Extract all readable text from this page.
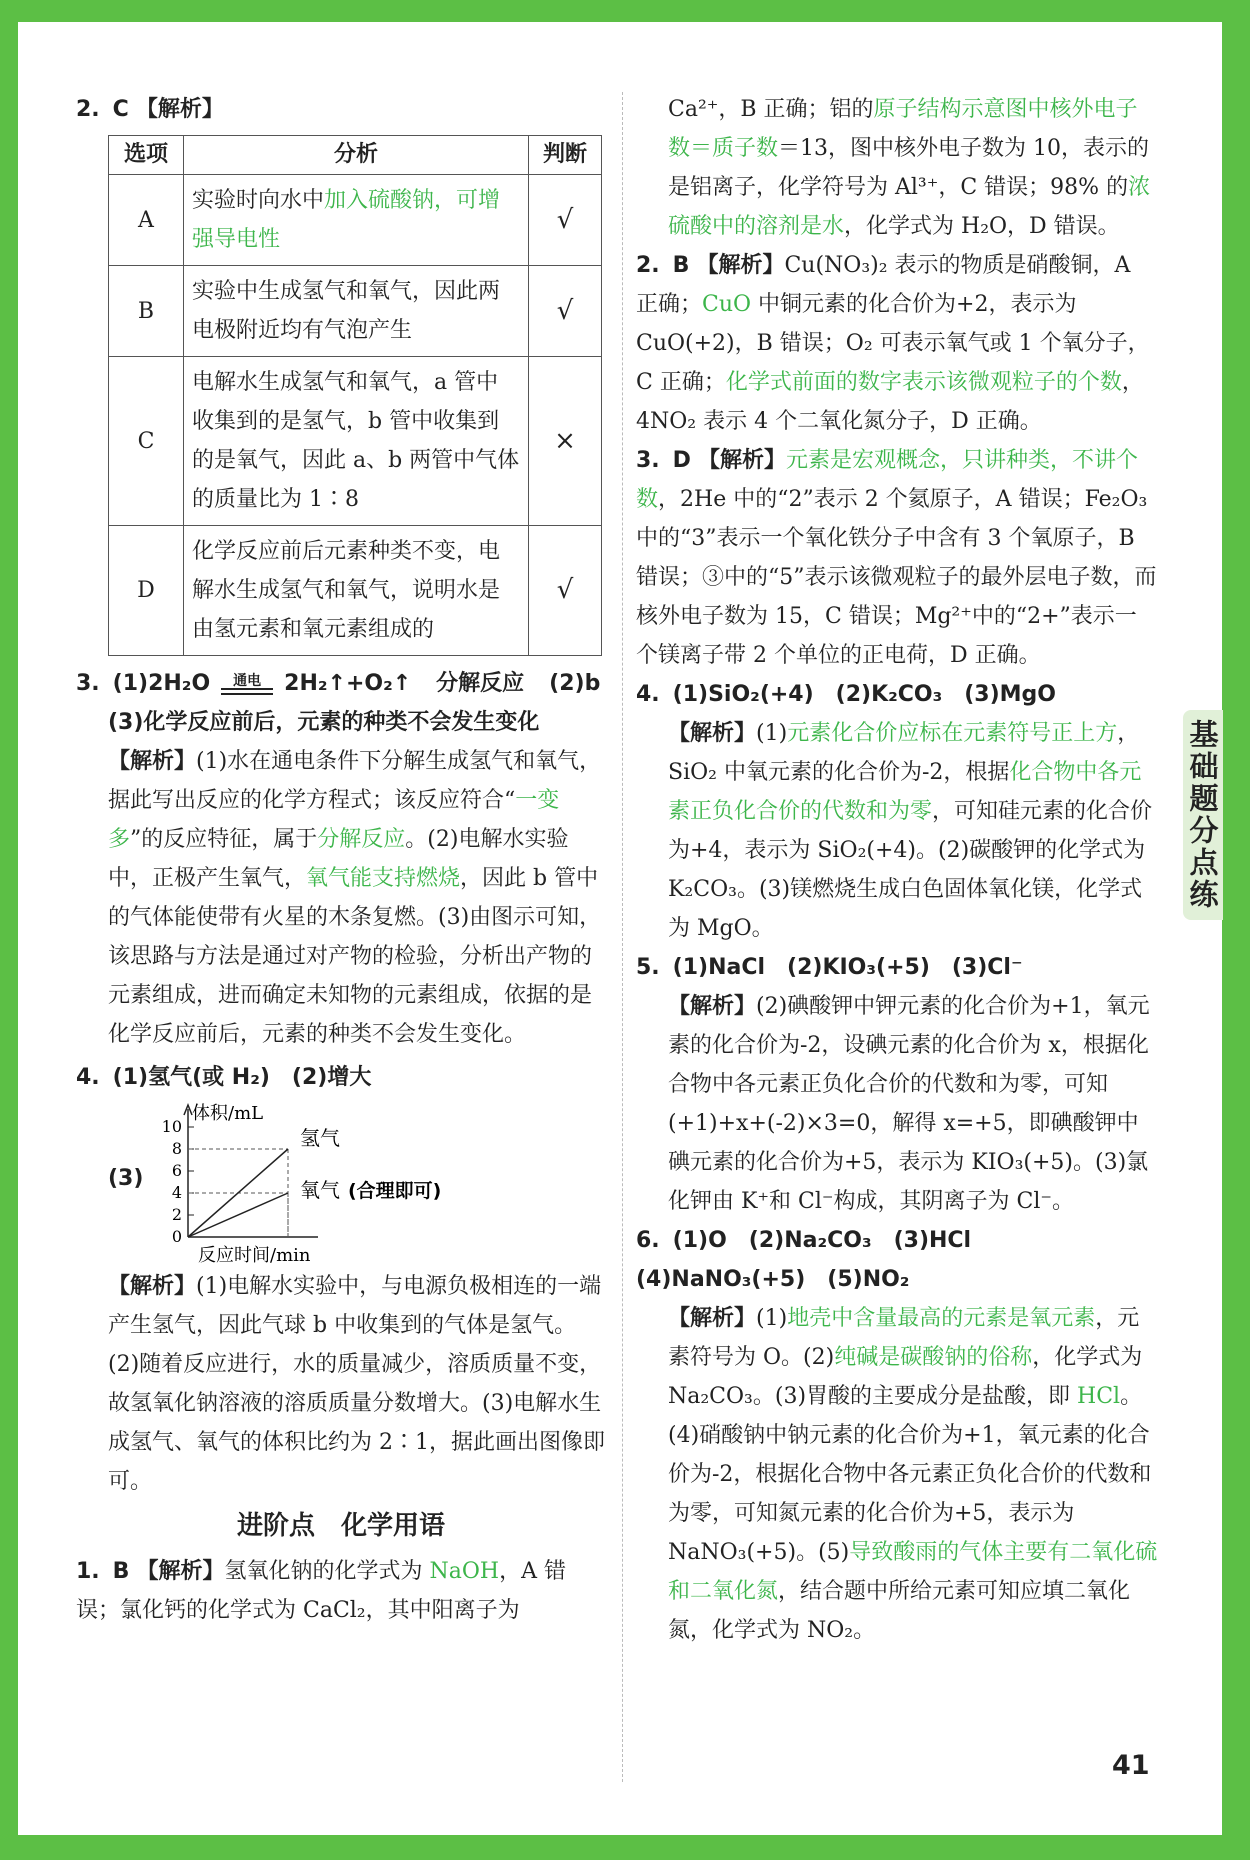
基础题分点练
41

2. C 【解析】

选项	分析	判断
A	实验时向水中加入硫酸钠，可增强导电性	√
B	实验中生成氢气和氧气，因此两电极附近均有气泡产生	√
C	电解水生成氢气和氧气，a 管中收集到的是氢气，b 管中收集到的是氧气，因此 a、b 两管中气体的质量比为 1∶8	×
D	化学反应前后元素种类不变，电解水生成氢气和氧气，说明水是由氢元素和氧元素组成的	√

3. (1)2H₂O	通电	2H₂↑+O₂↑ 分解反应 (2)b

(3)化学反应前后，元素的种类不会发生变化

【解析】(1)水在通电条件下分解生成氢气和氧气，据此写出反应的化学方程式；该反应符合“一变多”的反应特征，属于分解反应。(2)电解水实验中，正极产生氧气，氧气能支持燃烧，因此 b 管中的气体能使带有火星的木条复燃。(3)由图示可知，该思路与方法是通过对产物的检验，分析出产物的元素组成，进而确定未知物的元素组成，依据的是化学反应前后，元素的种类不会发生变化。

4. (1)氢气(或 H₂)　(2)增大

(3)
体积/mL
反应时间/min
0
2
4
6
8
10	氢气
氧气 (合理即可)

【解析】(1)电解水实验中，与电源负极相连的一端产生氢气，因此气球 b 中收集到的气体是氢气。(2)随着反应进行，水的质量减少，溶质质量不变，故氢氧化钠溶液的溶质质量分数增大。(3)电解水生成氢气、氧气的体积比约为 2∶1，据此画出图像即可。

进阶点　化学用语

1. B 【解析】氢氧化钠的化学式为 NaOH，A 错误；氯化钙的化学式为 CaCl₂，其中阳离子为

Ca²⁺，B 正确；铝的原子结构示意图中核外电子数＝质子数＝13，图中核外电子数为 10，表示的是铝离子，化学符号为 Al³⁺，C 错误；98% 的浓硫酸中的溶剂是水，化学式为 H₂O，D 错误。

2. B 【解析】Cu(NO₃)₂ 表示的物质是硝酸铜，A 正确；CuO 中铜元素的化合价为+2，表示为 CuO(+2)，B 错误；O₂ 可表示氧气或 1 个氧分子，C 正确；化学式前面的数字表示该微观粒子的个数，4NO₂ 表示 4 个二氧化氮分子，D 正确。

3. D 【解析】元素是宏观概念，只讲种类，不讲个数，2He 中的“2”表示 2 个氦原子，A 错误；Fe₂O₃ 中的“3”表示一个氧化铁分子中含有 3 个氧原子，B 错误；③中的“5”表示该微观粒子的最外层电子数，而核外电子数为 15，C 错误；Mg²⁺中的“2+”表示一个镁离子带 2 个单位的正电荷，D 正确。

4. (1)SiO₂(+4)　(2)K₂CO₃　(3)MgO

【解析】(1)元素化合价应标在元素符号正上方，SiO₂ 中氧元素的化合价为-2，根据化合物中各元素正负化合价的代数和为零，可知硅元素的化合价为+4，表示为 SiO₂(+4)。(2)碳酸钾的化学式为 K₂CO₃。(3)镁燃烧生成白色固体氧化镁，化学式为 MgO。

5. (1)NaCl　(2)KIO₃(+5)　(3)Cl⁻

【解析】(2)碘酸钾中钾元素的化合价为+1，氧元素的化合价为-2，设碘元素的化合价为 x，根据化合物中各元素正负化合价的代数和为零，可知(+1)+x+(-2)×3=0，解得 x=+5，即碘酸钾中碘元素的化合价为+5，表示为 KIO₃(+5)。(3)氯化钾由 K⁺和 Cl⁻构成，其阴离子为 Cl⁻。

6. (1)O　(2)Na₂CO₃　(3)HCl　(4)NaNO₃(+5)　(5)NO₂

【解析】(1)地壳中含量最高的元素是氧元素，元素符号为 O。(2)纯碱是碳酸钠的俗称，化学式为 Na₂CO₃。(3)胃酸的主要成分是盐酸，即 HCl。(4)硝酸钠中钠元素的化合价为+1，氧元素的化合价为-2，根据化合物中各元素正负化合价的代数和为零，可知氮元素的化合价为+5，表示为 NaNO₃(+5)。(5)导致酸雨的气体主要有二氧化硫和二氧化氮，结合题中所给元素可知应填二氧化氮，化学式为 NO₂。
